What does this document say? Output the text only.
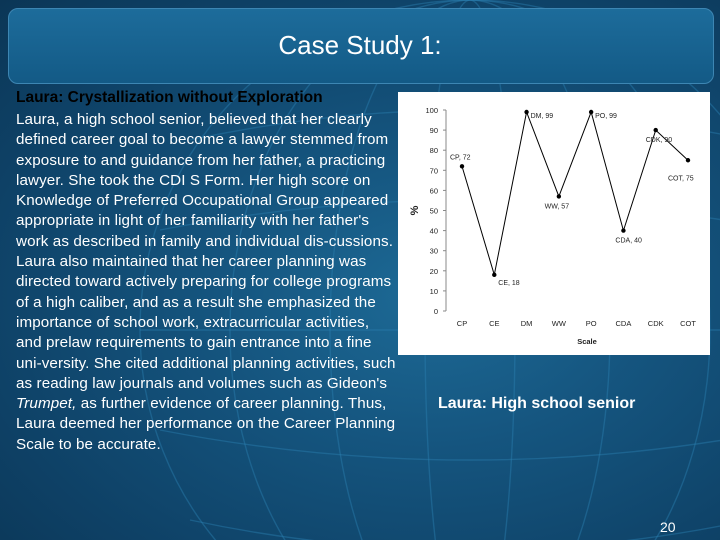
Case Study 1:
Laura: Crystallization without Exploration
Laura, a high school senior, believed that her clearly defined career goal to become a lawyer stemmed from exposure to and guidance from her father, a practicing lawyer. She took the CDI S Form. Her high score on Knowledge of Preferred Occupational Group appeared appropriate in light of her familiarity with her father's work as described in family and individual dis-cussions. Laura also maintained that her career planning was directed toward actively preparing for college programs of a high caliber, and as a result she emphasized the importance of school work, extracurricular activities, and prelaw requirements to gain entrance into a fine uni-versity. She cited additional planning activities, such as reading law journals and volumes such as Gideon's Trumpet, as further evidence of career planning. Thus, Laura deemed her performance on the Career Planning Scale to be accurate.
0
10
20
30
40
50
60
70
80
90
100
%
CP	CE	DM	WW	PO	CDA CDK COT
Scale
CP, 72
CE, 18
DM, 99
WW, 57
PO, 99
CDA, 40
CDK, 90
COT, 75
Laura: High school senior
20
